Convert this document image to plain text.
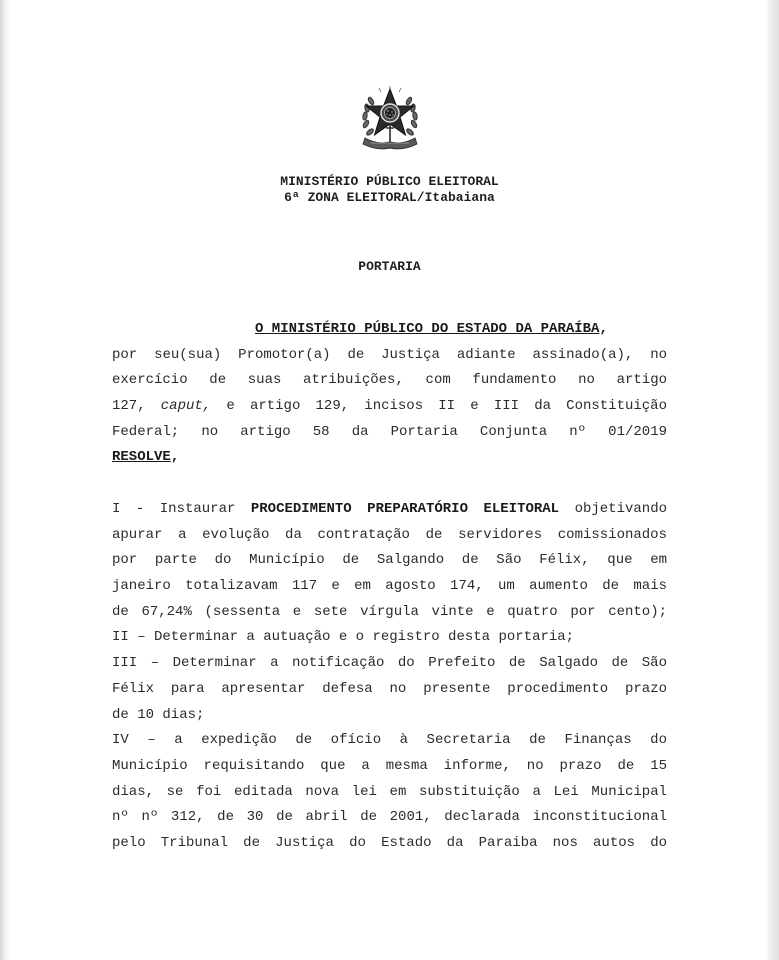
MINISTÉRIO PÚBLICO ELEITORAL
6ª ZONA ELEITORAL/Itabaiana
PORTARIA
O MINISTÉRIO PÚBLICO DO ESTADO DA PARAÍBA,
por seu(sua) Promotor(a) de Justiça adiante assinado(a), no
exercício de suas atribuições, com fundamento no artigo
127, caput, e artigo 129, incisos II e III da Constituição
Federal; no artigo 58 da Portaria Conjunta nº 01/2019
RESOLVE,
I - Instaurar PROCEDIMENTO PREPARATÓRIO ELEITORAL objetivando
apurar a evolução da contratação de servidores comissionados
por parte do Município de Salgando de São Félix, que em
janeiro totalizavam 117 e em agosto 174, um aumento de mais
de 67,24% (sessenta e sete vírgula vinte e quatro por cento);
II – Determinar a autuação e o registro desta portaria;
III – Determinar a notificação do Prefeito de Salgado de São
Félix para apresentar defesa no presente procedimento prazo
de 10 dias;
IV – a expedição de ofício à Secretaria de Finanças do
Município requisitando que a mesma informe, no prazo de 15
dias, se foi editada nova lei em substituição a Lei Municipal
nº nº 312, de 30 de abril de 2001, declarada inconstitucional
pelo Tribunal de Justiça do Estado da Paraiba nos autos do
